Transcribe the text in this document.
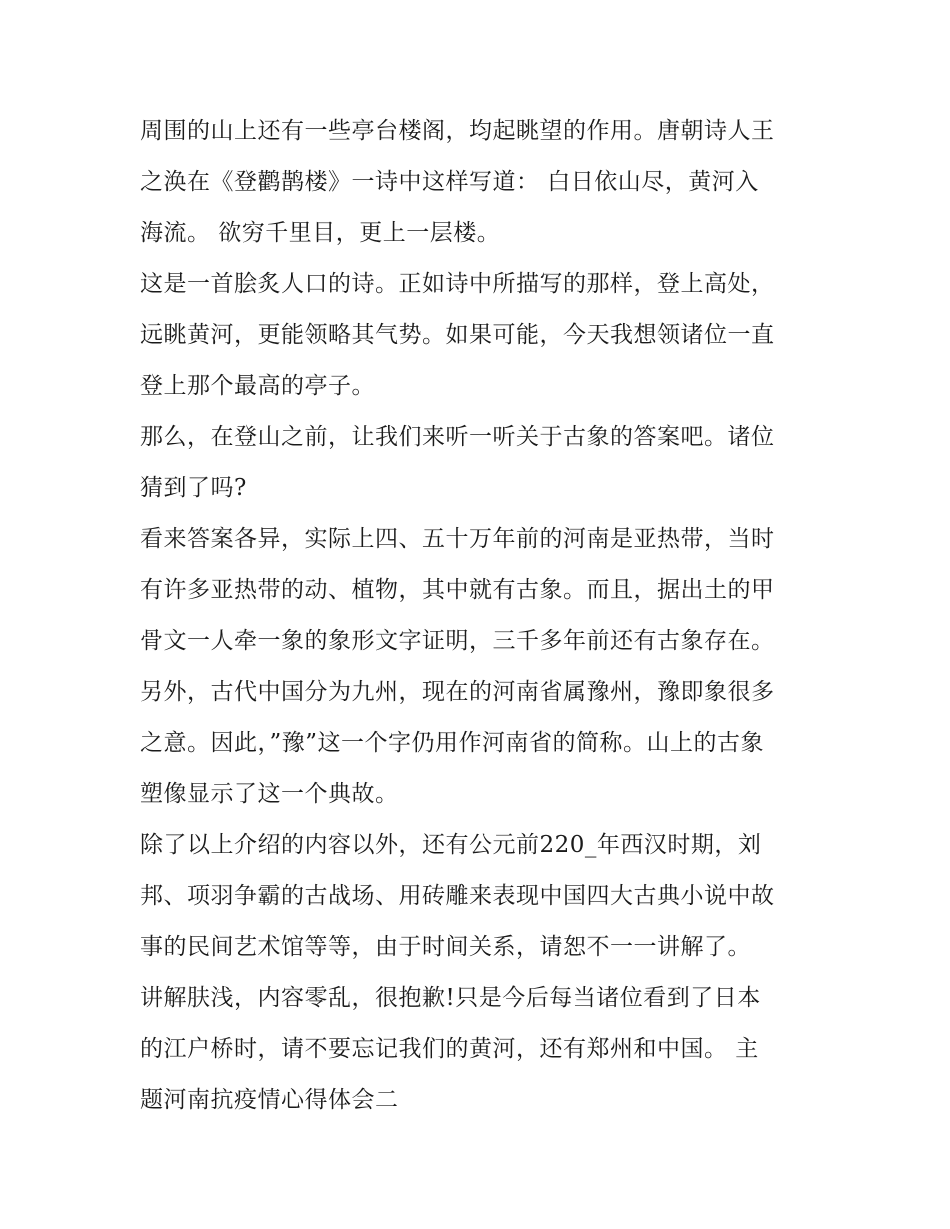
周围的山上还有一些亭台楼阁，均起眺望的作用。唐朝诗人王
之涣在《登鹳鹊楼》一诗中这样写道： 白日依山尽，黄河入
海流。 欲穷千里目，更上一层楼。

这是一首脍炙人口的诗。正如诗中所描写的那样，登上高处，
远眺黄河，更能领略其气势。如果可能，今天我想领诸位一直
登上那个最高的亭子。

那么，在登山之前，让我们来听一听关于古象的答案吧。诸位
猜到了吗?

看来答案各异，实际上四、五十万年前的河南是亚热带，当时
有许多亚热带的动、植物，其中就有古象。而且，据出土的甲
骨文一人牵一象的象形文字证明，三千多年前还有古象存在。
另外，古代中国分为九州，现在的河南省属豫州，豫即象很多
之意。因此，”豫”这一个字仍用作河南省的简称。山上的古象
塑像显示了这一个典故。

除了以上介绍的内容以外，还有公元前220_年西汉时期，刘
邦、项羽争霸的古战场、用砖雕来表现中国四大古典小说中故
事的民间艺术馆等等，由于时间关系，请恕不一一讲解了。

讲解肤浅，内容零乱，很抱歉!只是今后每当诸位看到了日本
的江户桥时，请不要忘记我们的黄河，还有郑州和中国。 主
题河南抗疫情心得体会二
